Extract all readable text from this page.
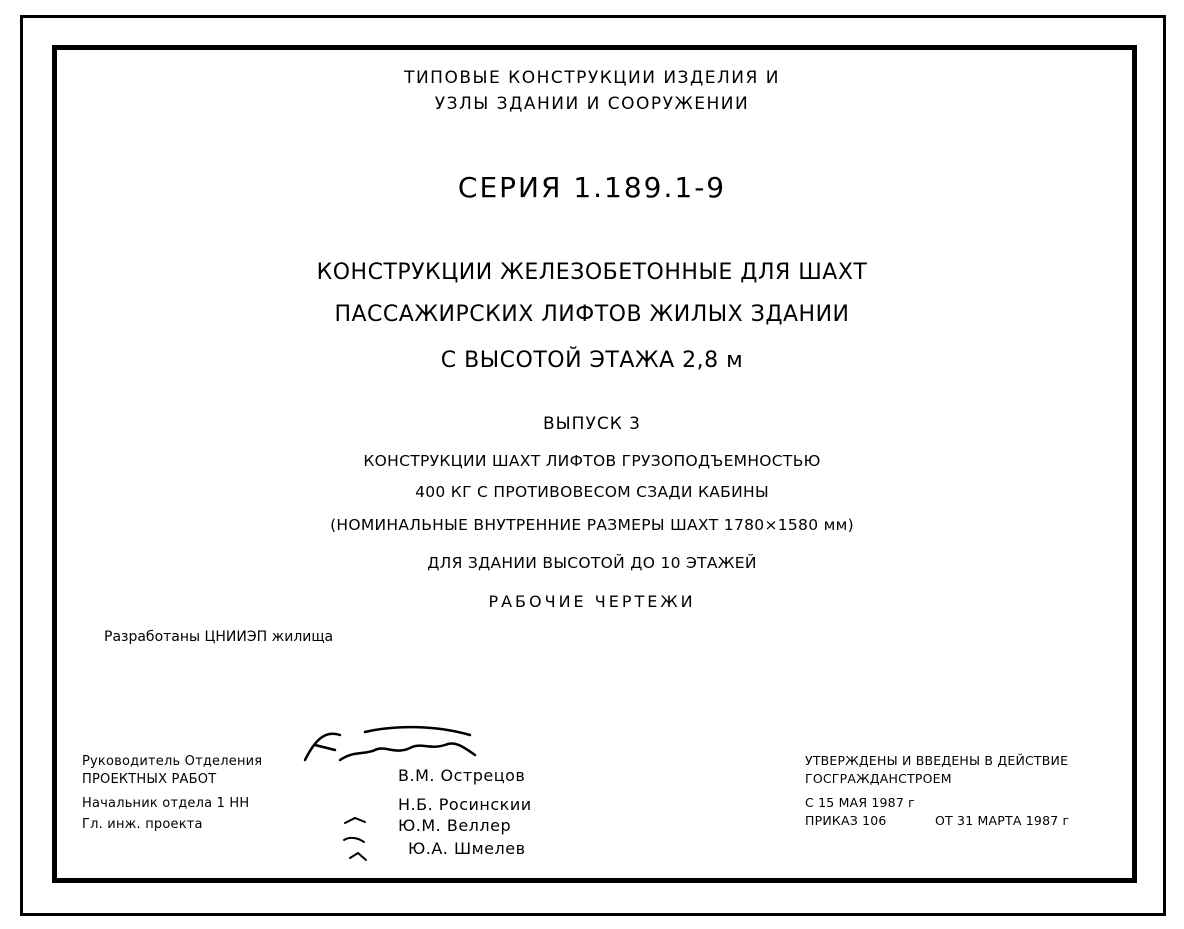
ТИПОВЫЕ КОНСТРУКЦИИ ИЗДЕЛИЯ И
УЗЛЫ ЗДАНИИ И СООРУЖЕНИИ
СЕРИЯ 1.189.1-9
КОНСТРУКЦИИ ЖЕЛЕЗОБЕТОННЫЕ ДЛЯ ШАХТ
ПАССАЖИРСКИХ ЛИФТОВ ЖИЛЫХ ЗДАНИИ
С ВЫСОТОЙ ЭТАЖА 2,8 м
ВЫПУСК 3
КОНСТРУКЦИИ ШАХТ ЛИФТОВ ГРУЗОПОДЪЕМНОСТЬЮ
400 КГ С ПРОТИВОВЕСОМ СЗАДИ КАБИНЫ
(НОМИНАЛЬНЫЕ ВНУТРЕННИЕ РАЗМЕРЫ ШАХТ 1780×1580 мм)
ДЛЯ ЗДАНИИ ВЫСОТОЙ ДО 10 ЭТАЖЕЙ
РАБОЧИЕ ЧЕРТЕЖИ
Разработаны ЦНИИЭП жилища
Руководитель Отделения
ПРОЕКТНЫХ РАБОТ
Начальник отдела 1 НН
Гл. инж. проекта
В.М. Острецов
Н.Б. Росинскии
Ю.М. Веллер
Ю.А. Шмелев
УТВЕРЖДЕНЫ И ВВЕДЕНЫ В ДЕЙСТВИЕ
ГОСГРАЖДАНСТРОЕМ
С 15 МАЯ 1987 г
ПРИКАЗ 106	ОТ 31 МАРТА 1987 г
